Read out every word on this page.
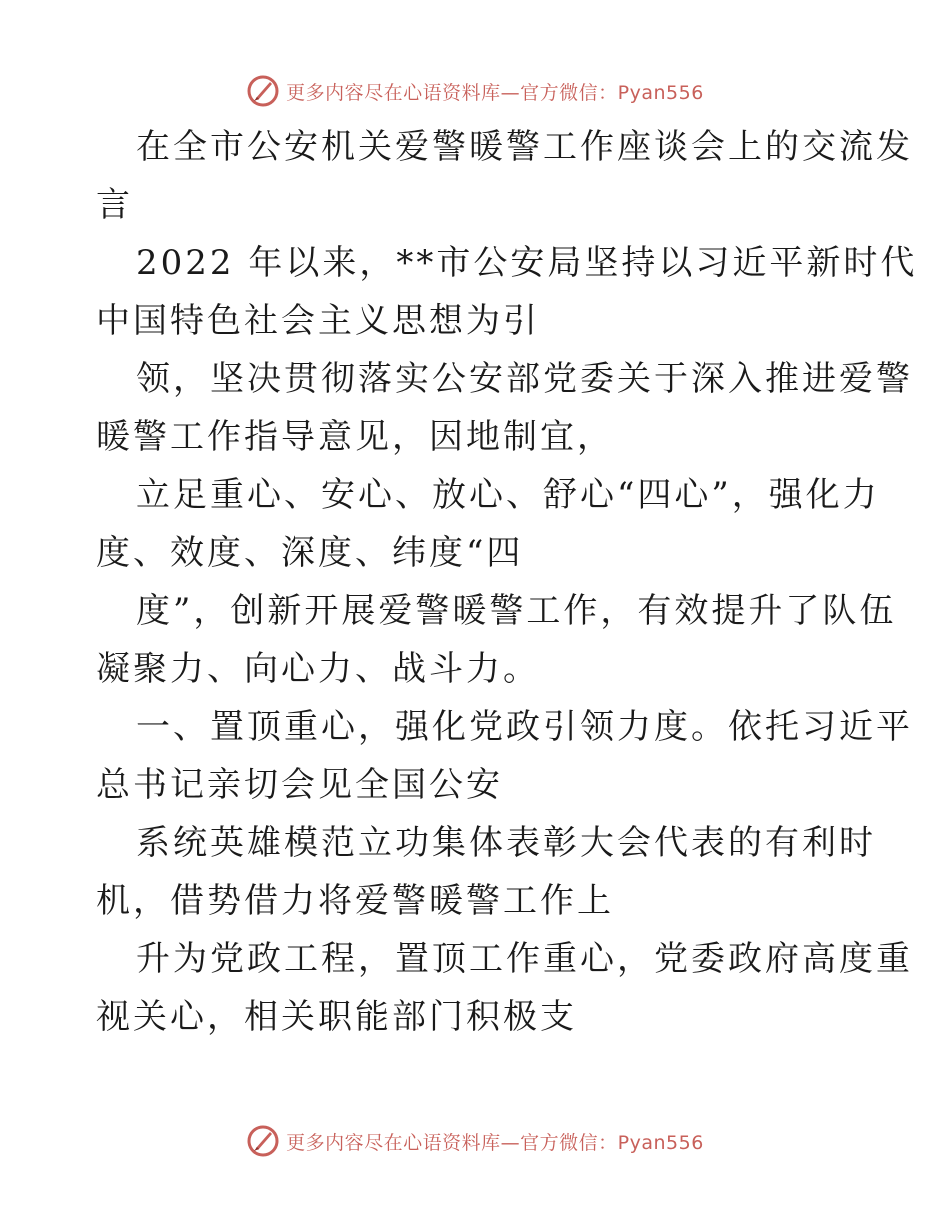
更多内容尽在心语资料库—官方微信：Pyan556
在全市公安机关爱警暖警工作座谈会上的交流发
言
2022 年以来，**市公安局坚持以习近平新时代
中国特色社会主义思想为引
领，坚决贯彻落实公安部党委关于深入推进爱警
暖警工作指导意见，因地制宜，
立足重心、安心、放心、舒心“四心”，强化力
度、效度、深度、纬度“四
度”，创新开展爱警暖警工作，有效提升了队伍
凝聚力、向心力、战斗力。
一、置顶重心，强化党政引领力度。依托习近平
总书记亲切会见全国公安
系统英雄模范立功集体表彰大会代表的有利时
机，借势借力将爱警暖警工作上
升为党政工程，置顶工作重心，党委政府高度重
视关心，相关职能部门积极支
更多内容尽在心语资料库—官方微信：Pyan556
